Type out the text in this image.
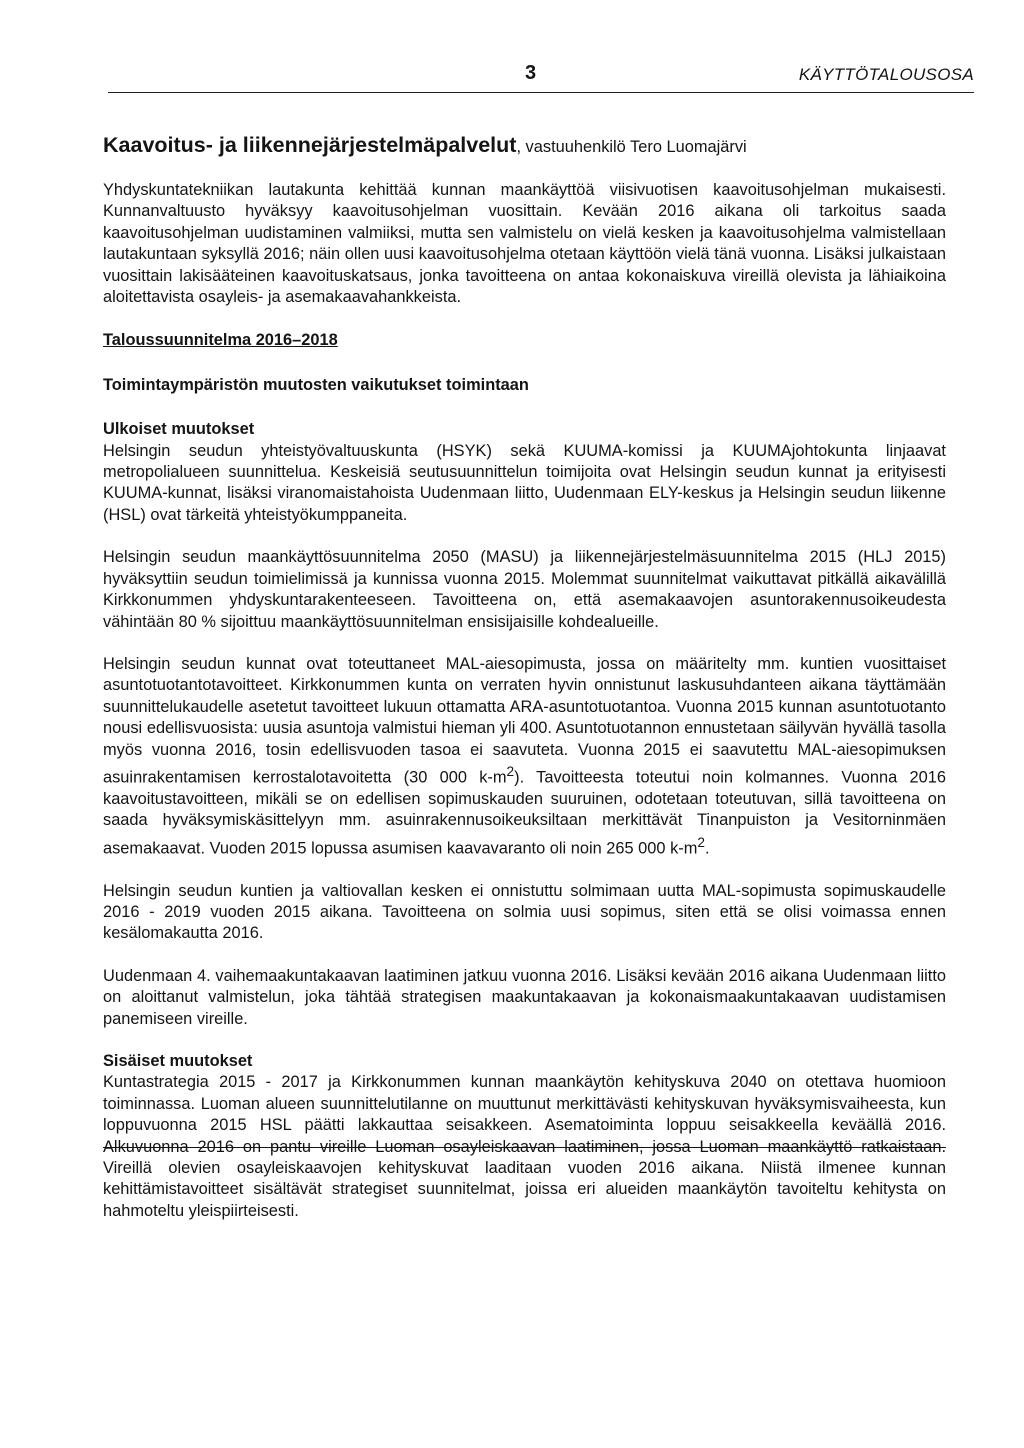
3	KÄYTTÖTALOUSOSA
Kaavoitus- ja liikennejärjestelmäpalvelut, vastuuhenkilö Tero Luomajärvi

Yhdyskuntatekniikan lautakunta kehittää kunnan maankäyttöä viisivuotisen kaavoitusohjelman mukaisesti. Kunnanvaltuusto hyväksyy kaavoitusohjelman vuosittain. Kevään 2016 aikana oli tarkoitus saada kaavoitusohjelman uudistaminen valmiiksi, mutta sen valmistelu on vielä kesken ja kaavoitusohjelma valmistellaan lautakuntaan syksyllä 2016; näin ollen uusi kaavoitusohjelma otetaan käyttöön vielä tänä vuonna. Lisäksi julkaistaan vuosittain lakisääteinen kaavoituskatsaus, jonka tavoitteena on antaa kokonaiskuva vireillä olevista ja lähiaikoina aloitettavista osayleis- ja asemakaavahankkeista.

Taloussuunnitelma 2016–2018
Toimintaympäristön muutosten vaikutukset toimintaan
Ulkoiset muutokset

Helsingin seudun yhteistyövaltuuskunta (HSYK) sekä KUUMA-komissi ja KUUMAjohtokunta linjaavat metropolialueen suunnittelua. Keskeisiä seutusuunnittelun toimijoita ovat Helsingin seudun kunnat ja erityisesti KUUMA-kunnat, lisäksi viranomaistahoista Uudenmaan liitto, Uudenmaan ELY-keskus ja Helsingin seudun liikenne (HSL) ovat tärkeitä yhteistyökumppaneita.

Helsingin seudun maankäyttösuunnitelma 2050 (MASU) ja liikennejärjestelmäsuunnitelma 2015 (HLJ 2015) hyväksyttiin seudun toimielimissä ja kunnissa vuonna 2015. Molemmat suunnitelmat vaikuttavat pitkällä aikavälillä Kirkkonummen yhdyskuntarakenteeseen. Tavoitteena on, että asemakaavojen asuntorakennusoikeudesta vähintään 80 % sijoittuu maankäyttösuunnitelman ensisijaisille kohdealueille.

Helsingin seudun kunnat ovat toteuttaneet MAL-aiesopimusta, jossa on määritelty mm. kuntien vuosittaiset asuntotuotantotavoitteet. Kirkkonummen kunta on verraten hyvin onnistunut laskusuhdanteen aikana täyttämään suunnittelukaudelle asetetut tavoitteet lukuun ottamatta ARA-asuntotuotantoa. Vuonna 2015 kunnan asuntotuotanto nousi edellisvuosista: uusia asuntoja valmistui hieman yli 400. Asuntotuotannon ennustetaan säilyvän hyvällä tasolla myös vuonna 2016, tosin edellisvuoden tasoa ei saavuteta. Vuonna 2015 ei saavutettu MAL-aiesopimuksen asuinrakentamisen kerrostalotavoitetta (30 000 $k-m^2$). Tavoitteesta toteutui noin kolmannes. Vuonna 2016 kaavoitustavoitteen, mikäli se on edellisen sopimuskauden suuruinen, odotetaan toteutuvan, sillä tavoitteena on saada hyväksymiskäsittelyyn mm. asuinrakennusoikeuksiltaan merkittävät Tinanpuiston ja Vesitorninmäen asemakaavat. Vuoden 2015 lopussa asumisen kaavavaranto oli noin 265 000 $k-m^2$.

Helsingin seudun kuntien ja valtiovallan kesken ei onnistuttu solmimaan uutta MAL-sopimusta sopimuskaudelle 2016 - 2019 vuoden 2015 aikana. Tavoitteena on solmia uusi sopimus, siten että se olisi voimassa ennen kesälomakautta 2016.

Uudenmaan 4. vaihemaakuntakaavan laatiminen jatkuu vuonna 2016. Lisäksi kevään 2016 aikana Uudenmaan liitto on aloittanut valmistelun, joka tähtää strategisen maakuntakaavan ja kokonaismaakuntakaavan uudistamisen panemiseen vireille.

Sisäiset muutokset

Kuntastrategia 2015 - 2017 ja Kirkkonummen kunnan maankäytön kehityskuva 2040 on otettava huomioon toiminnassa. Luoman alueen suunnittelutilanne on muuttunut merkittävästi kehityskuvan hyväksymisvaiheesta, kun loppuvuonna 2015 HSL päätti lakkauttaa seisakkeen. Asematoiminta loppuu seisakkeella keväällä 2016. Alkuvuonna 2016 on pantu vireille Luoman osayleiskaavan laatiminen, jossa Luoman maankäyttö ratkaistaan. Vireillä olevien osayleiskaavojen kehityskuvat laaditaan vuoden 2016 aikana. Niistä ilmenee kunnan kehittämistavoitteet sisältävät strategiset suunnitelmat, joissa eri alueiden maankäytön tavoiteltu kehitysta on hahmoteltu yleispiirteisesti.
